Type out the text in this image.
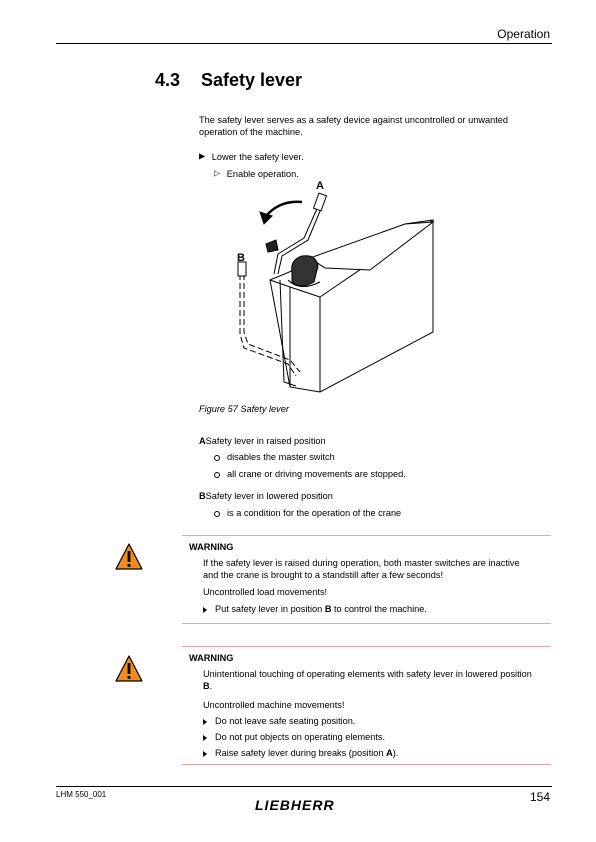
Operation
4.3 Safety lever
The safety lever serves as a safety device against uncontrolled or unwanted operation of the machine.
▶ Lower the safety lever.
▷ Enable operation.
A
B
Figure 57 Safety lever
ASafety lever in raised position
disables the master switch
all crane or driving movements are stopped.
BSafety lever in lowered position
is a condition for the operation of the crane
WARNING
If the safety lever is raised during operation, both master switches are inactive and the crane is brought to a standstill after a few seconds!
Uncontrolled load movements!
Put safety lever in position B to control the machine.
WARNING
Unintentional touching of operating elements with safety lever in lowered position B.
Uncontrolled machine movements!
Do not leave safe seating position.
Do not put objects on operating elements.
Raise safety lever during breaks (position A).
LHM 550_001	154
LIEBHERR
